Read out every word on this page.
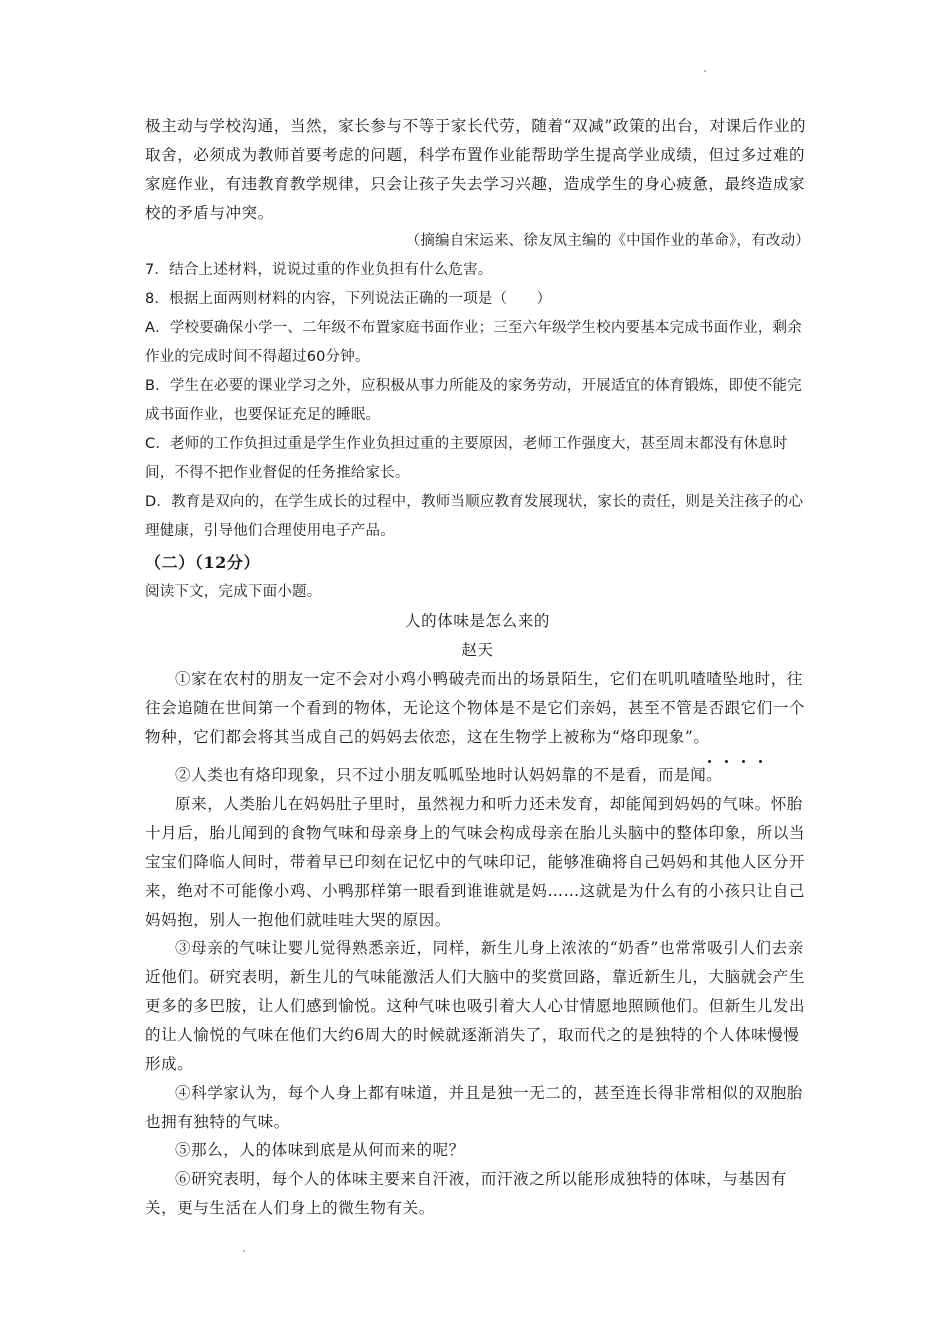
极主动与学校沟通，当然，家长参与不等于家长代劳，随着“双减”政策的出台，对课后作业的取舍，必须成为教师首要考虑的问题，科学布置作业能帮助学生提高学业成绩，但过多过难的家庭作业，有违教育教学规律，只会让孩子失去学习兴趣，造成学生的身心疲惫，最终造成家校的矛盾与冲突。

（摘编自宋运来、徐友凤主编的《中国作业的革命》，有改动）

7．结合上述材料，说说过重的作业负担有什么危害。

8．根据上面两则材料的内容，下列说法正确的一项是（　　）

A．学校要确保小学一、二年级不布置家庭书面作业；三至六年级学生校内要基本完成书面作业，剩余作业的完成时间不得超过60分钟。

B．学生在必要的课业学习之外，应积极从事力所能及的家务劳动，开展适宜的体育锻炼，即使不能完成书面作业，也要保证充足的睡眠。

C．老师的工作负担过重是学生作业负担过重的主要原因，老师工作强度大，甚至周末都没有休息时间，不得不把作业督促的任务推给家长。

D．教育是双向的，在学生成长的过程中，教师当顺应教育发展现状，家长的责任，则是关注孩子的心理健康，引导他们合理使用电子产品。

（二）（12分）

阅读下文，完成下面小题。

人的体味是怎么来的

赵天

①家在农村的朋友一定不会对小鸡小鸭破壳而出的场景陌生，它们在叽叽喳喳坠地时，往往会追随在世间第一个看到的物体，无论这个物体是不是它们亲妈，甚至不管是否跟它们一个物种，它们都会将其当成自己的妈妈去依恋，这在生物学上被称为“烙印现象”。

②人类也有烙印现象，只不过小朋友呱呱坠地时认妈妈靠的不是看，而是闻。

原来，人类胎儿在妈妈肚子里时，虽然视力和听力还未发育，却能闻到妈妈的气味。怀胎十月后，胎儿闻到的食物气味和母亲身上的气味会构成母亲在胎儿头脑中的整体印象，所以当宝宝们降临人间时，带着早已印刻在记忆中的气味印记，能够准确将自己妈妈和其他人区分开来，绝对不可能像小鸡、小鸭那样第一眼看到谁谁就是妈……这就是为什么有的小孩只让自己妈妈抱，别人一抱他们就哇哇大哭的原因。

③母亲的气味让婴儿觉得熟悉亲近，同样，新生儿身上浓浓的“奶香”也常常吸引人们去亲近他们。研究表明，新生儿的气味能激活人们大脑中的奖赏回路，靠近新生儿，大脑就会产生更多的多巴胺，让人们感到愉悦。这种气味也吸引着大人心甘情愿地照顾他们。但新生儿发出的让人愉悦的气味在他们大约6周大的时候就逐渐消失了，取而代之的是独特的个人体味慢慢形成。

④科学家认为，每个人身上都有味道，并且是独一无二的，甚至连长得非常相似的双胞胎也拥有独特的气味。

⑤那么，人的体味到底是从何而来的呢？

⑥研究表明，每个人的体味主要来自汗液，而汗液之所以能形成独特的体味，与基因有关，更与生活在人们身上的微生物有关。
